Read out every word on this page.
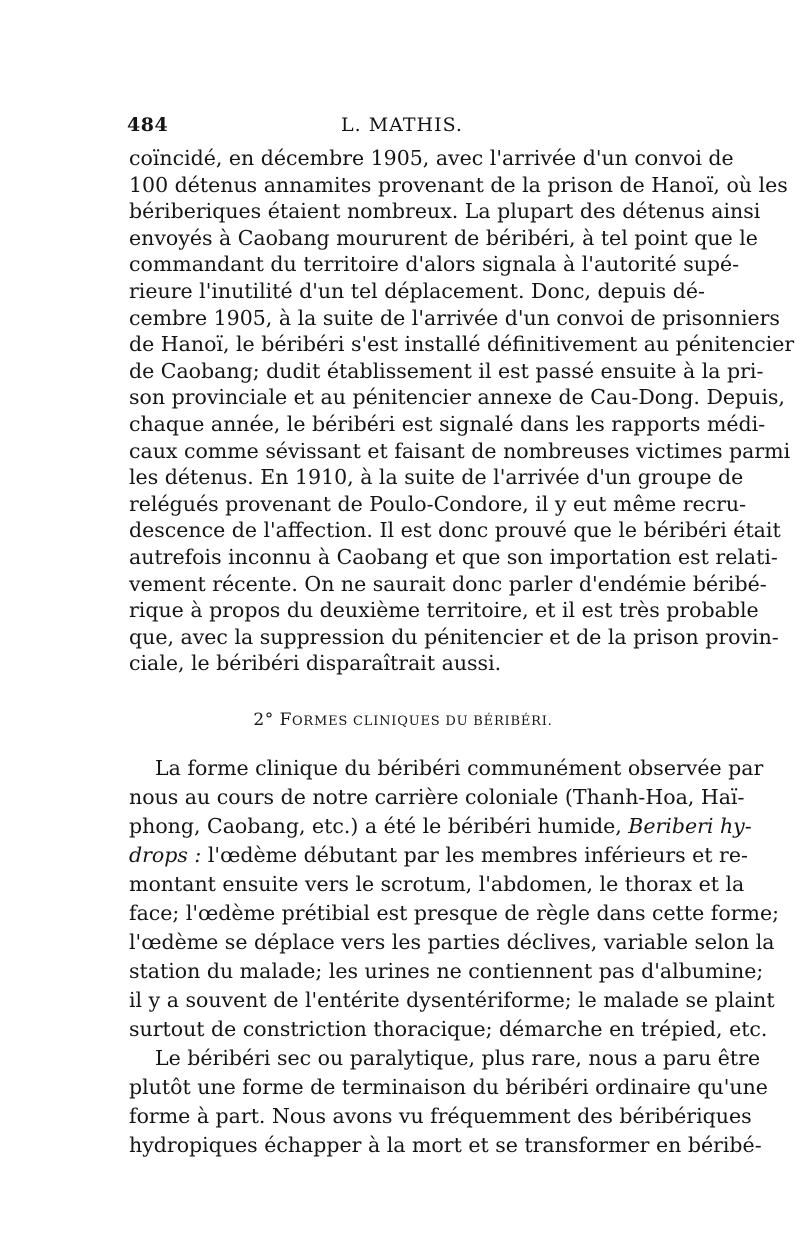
484	L. MATHIS.
coïncidé, en décembre 1905, avec l'arrivée d'un convoi de
100 détenus annamites provenant de la prison de Hanoï, où les
bériberiques étaient nombreux. La plupart des détenus ainsi
envoyés à Caobang moururent de béribéri, à tel point que le
commandant du territoire d'alors signala à l'autorité supé-
rieure l'inutilité d'un tel déplacement. Donc, depuis dé-
cembre 1905, à la suite de l'arrivée d'un convoi de prisonniers
de Hanoï, le béribéri s'est installé définitivement au pénitencier
de Caobang; dudit établissement il est passé ensuite à la pri-
son provinciale et au pénitencier annexe de Cau-Dong. Depuis,
chaque année, le béribéri est signalé dans les rapports médi-
caux comme sévissant et faisant de nombreuses victimes parmi
les détenus. En 1910, à la suite de l'arrivée d'un groupe de
relégués provenant de Poulo-Condore, il y eut même recru-
descence de l'affection. Il est donc prouvé que le béribéri était
autrefois inconnu à Caobang et que son importation est relati-
vement récente. On ne saurait donc parler d'endémie béribé-
rique à propos du deuxième territoire, et il est très probable
que, avec la suppression du pénitencier et de la prison provin-
2° FORMES CLINIQUES DU BÉRIBÉRI.
La forme clinique du béribéri communément observée par
nous au cours de notre carrière coloniale (Thanh-Hoa, Haï-
phong, Caobang, etc.) a été le béribéri humide, Beriberi hy-
drops : l'œdème débutant par les membres inférieurs et re-
montant ensuite vers le scrotum, l'abdomen, le thorax et la
face; l'œdème prétibial est presque de règle dans cette forme;
l'œdème se déplace vers les parties déclives, variable selon la
station du malade; les urines ne contiennent pas d'albumine;
il y a souvent de l'entérite dysentériforme; le malade se plaint
surtout de constriction thoracique; démarche en trépied, etc.
Le béribéri sec ou paralytique, plus rare, nous a paru être
plutôt une forme de terminaison du béribéri ordinaire qu'une
forme à part. Nous avons vu fréquemment des béribériques
hydropiques échapper à la mort et se transformer en béribé-
ciale, le béribéri disparaîtrait aussi.
